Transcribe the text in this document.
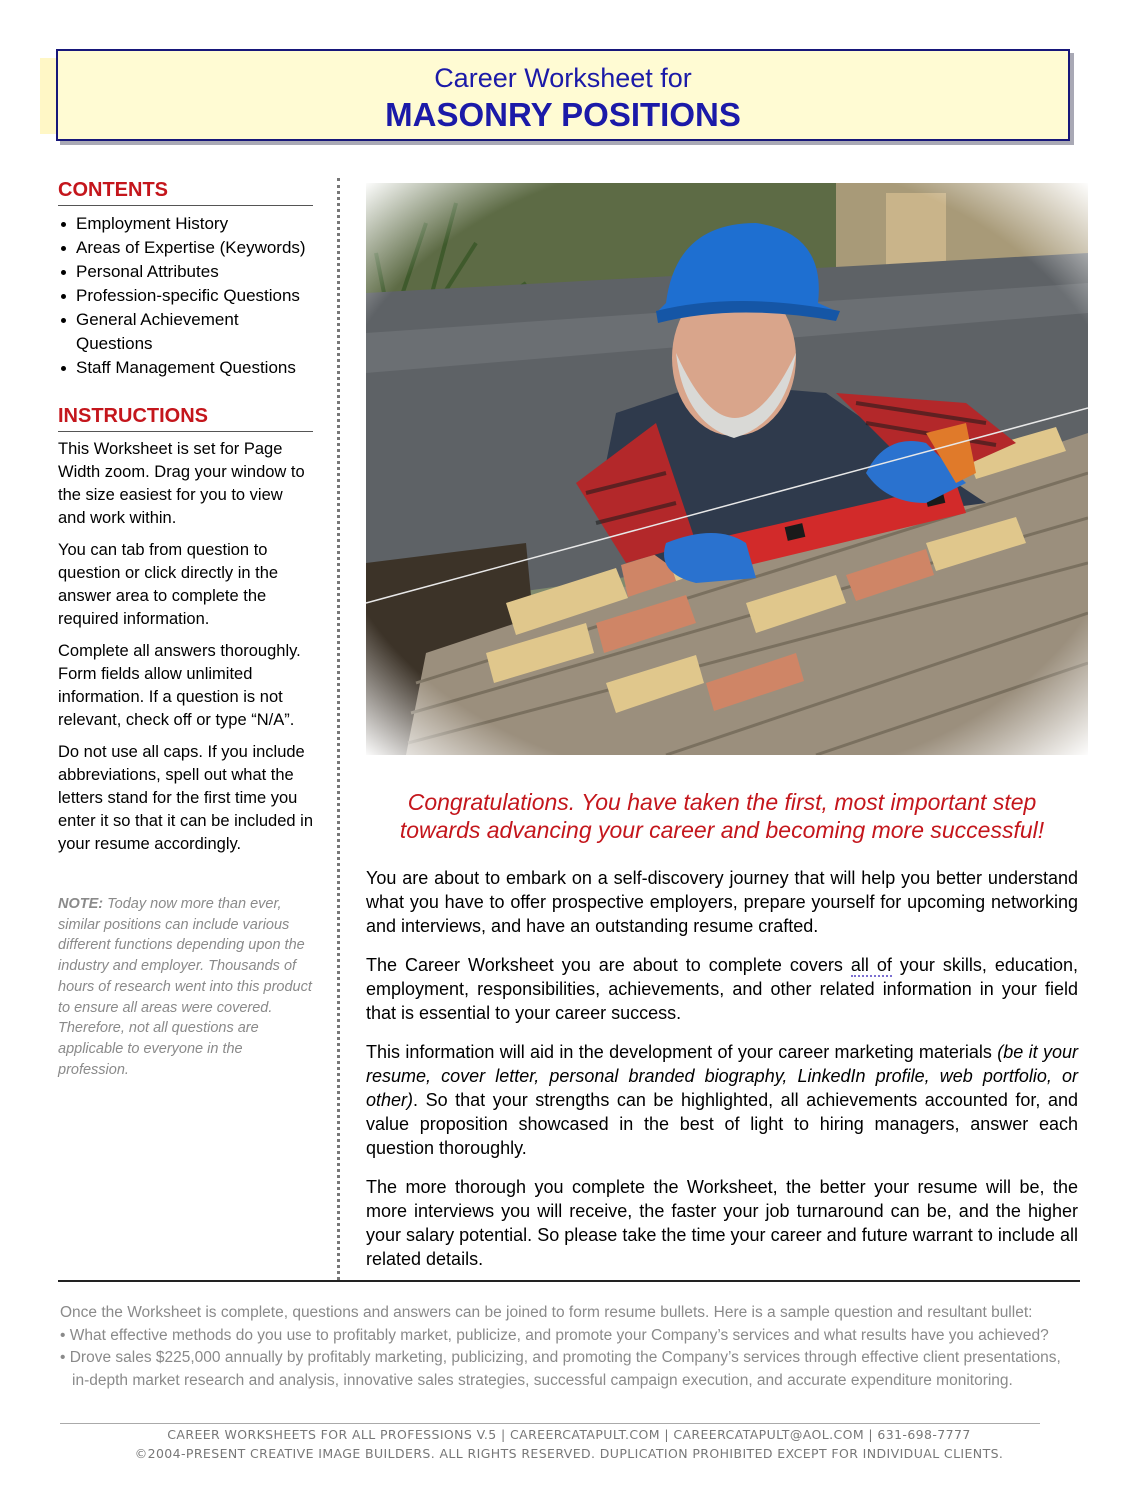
Career Worksheet for
MASONRY POSITIONS
CONTENTS
Employment History
Areas of Expertise (Keywords)
Personal Attributes
Profession-specific Questions
General Achievement Questions
Staff Management Questions
INSTRUCTIONS

This Worksheet is set for Page Width zoom. Drag your window to the size easiest for you to view and work within.

You can tab from question to question or click directly in the answer area to complete the required information.

Complete all answers thoroughly. Form fields allow unlimited information. If a question is not relevant, check off or type “N/A”.

Do not use all caps. If you include abbreviations, spell out what the letters stand for the first time you enter it so that it can be included in your resume accordingly.

NOTE: Today now more than ever, similar positions can include various different functions depending upon the industry and employer. Thousands of hours of research went into this product to ensure all areas were covered. Therefore, not all questions are applicable to everyone in the profession.
Congratulations. You have taken the first, most important step
towards advancing your career and becoming more successful!

You are about to embark on a self-discovery journey that will help you better understand what you have to offer prospective employers, prepare yourself for upcoming networking and interviews, and have an outstanding resume crafted.

The Career Worksheet you are about to complete covers all of your skills, education, employment, responsibilities, achievements, and other related information in your field that is essential to your career success.

This information will aid in the development of your career marketing materials (be it your resume, cover letter, personal branded biography, LinkedIn profile, web portfolio, or other). So that your strengths can be highlighted, all achievements accounted for, and value proposition showcased in the best of light to hiring managers, answer each question thoroughly.

The more thorough you complete the Worksheet, the better your resume will be, the more interviews you will receive, the faster your job turnaround can be, and the higher your salary potential. So please take the time your career and future warrant to include all related details.

Once the Worksheet is complete, questions and answers can be joined to form resume bullets. Here is a sample question and resultant bullet:
• What effective methods do you use to profitably market, publicize, and promote your Company’s services and what results have you achieved?
• Drove sales $225,000 annually by profitably marketing, publicizing, and promoting the Company’s services through effective client presentations,
in-depth market research and analysis, innovative sales strategies, successful campaign execution, and accurate expenditure monitoring.
CAREER WORKSHEETS FOR ALL PROFESSIONS V.5 | CAREERCATAPULT.COM | CAREERCATAPULT@AOL.COM | 631-698-7777
©2004-PRESENT CREATIVE IMAGE BUILDERS. ALL RIGHTS RESERVED. DUPLICATION PROHIBITED EXCEPT FOR INDIVIDUAL CLIENTS.
